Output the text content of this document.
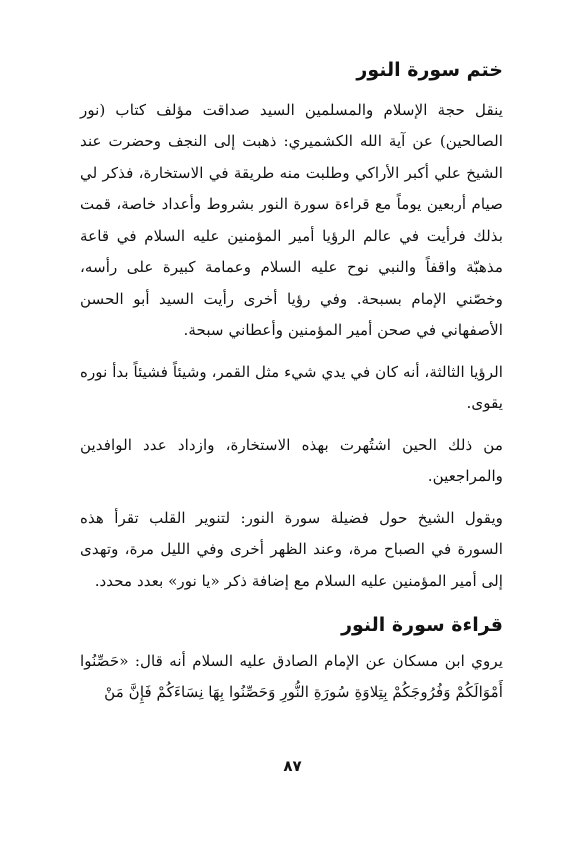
ختم سورة النور

ينقل حجة الإسلام والمسلمين السيد صداقت مؤلف كتاب (نور الصالحين) عن آية الله الكشميري: ذهبت إلى النجف وحضرت عند الشيخ علي أكبر الأراكي وطلبت منه طريقة في الاستخارة، فذكر لي صيام أربعين يوماً مع قراءة سورة النور بشروط وأعداد خاصة، قمت بذلك فرأيت في عالم الرؤيا أمير المؤمنين عليه السلام في قاعة مذهبّة واقفاً والنبي نوح عليه السلام وعمامة كبيرة على رأسه، وخصّني الإمام بسبحة. وفي رؤيا أخرى رأيت السيد أبو الحسن الأصفهاني في صحن أمير المؤمنين وأعطاني سبحة.

الرؤيا الثالثة، أنه كان في يدي شيء مثل القمر، وشيئاً فشيئاً بدأ نوره يقوى.

من ذلك الحين اشتُهرت بهذه الاستخارة، وازداد عدد الوافدين والمراجعين.

ويقول الشيخ حول فضيلة سورة النور: لتنوير القلب تقرأ هذه السورة في الصباح مرة، وعند الظهر أخرى وفي الليل مرة، وتهدى إلى أمير المؤمنين عليه السلام مع إضافة ذكر «يا نور» بعدد محدد.

قراءة سورة النور

يروي ابن مسكان عن الإمام الصادق عليه السلام أنه قال: «حَصِّنُوا أَمْوَالَكُمْ وَفُرُوجَكُمْ بِتِلاوَةِ سُورَةِ النُّورِ وَحَصِّنُوا بِهَا نِسَاءَكُمْ فَإِنَّ مَنْ

٨٧
